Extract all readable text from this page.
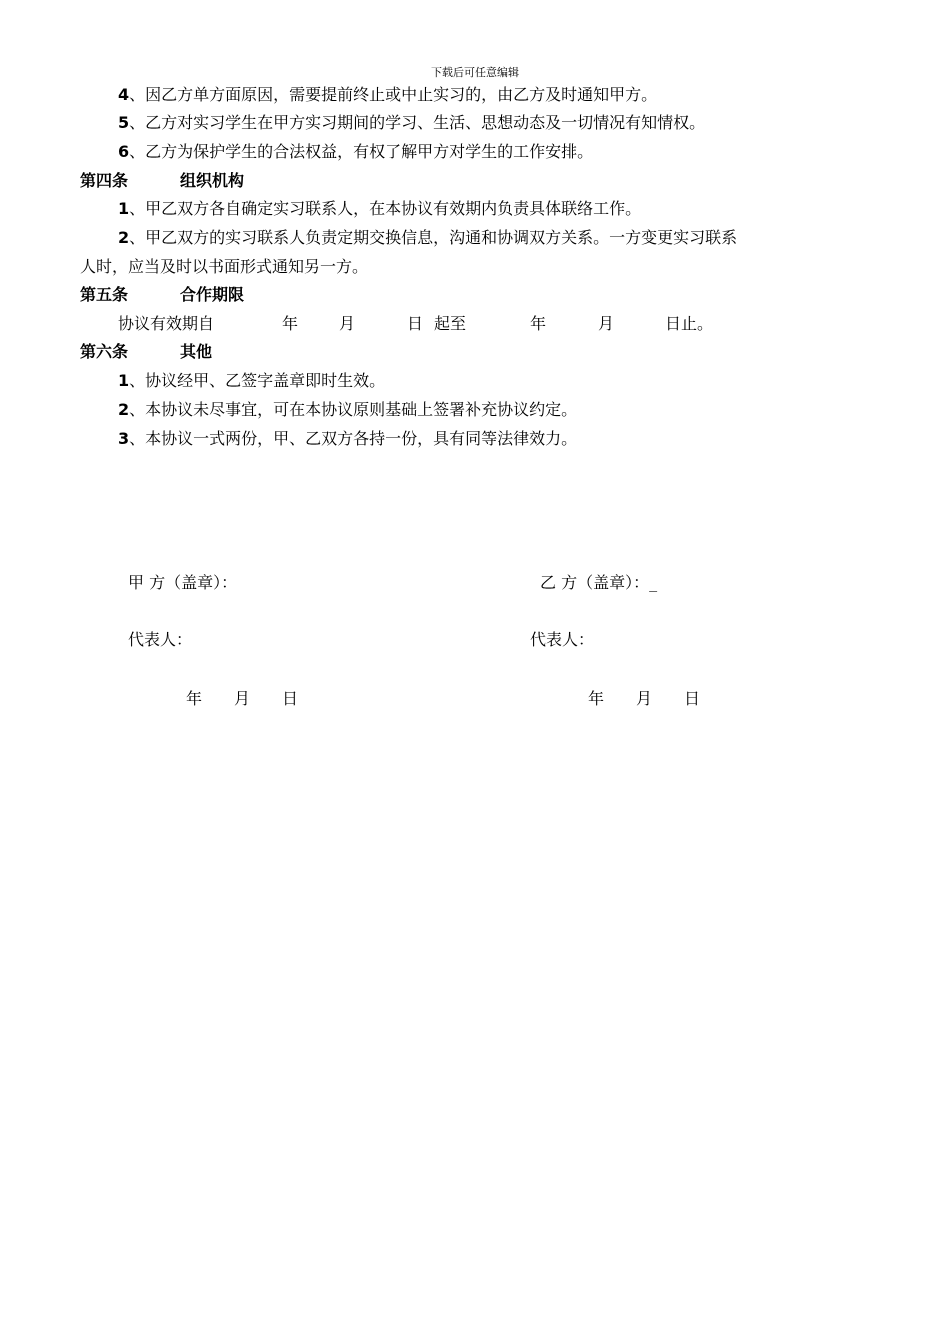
下载后可任意编辑
4、因乙方单方面原因，需要提前终止或中止实习的，由乙方及时通知甲方。
5、乙方对实习学生在甲方实习期间的学习、生活、思想动态及一切情况有知情权。
6、乙方为保护学生的合法权益，有权了解甲方对学生的工作安排。
第四条	组织机构
1、甲乙双方各自确定实习联系人，在本协议有效期内负责具体联络工作。
2、甲乙双方的实习联系人负责定期交换信息，沟通和协调双方关系。一方变更实习联系
人时，应当及时以书面形式通知另一方。
第五条	合作期限
协议有效期自	年	月	日 起至	年	月	日止。
第六条	其他
1、协议经甲、乙签字盖章即时生效。
2、本协议未尽事宜，可在本协议原则基础上签署补充协议约定。
3、本协议一式两份，甲、乙双方各持一份，具有同等法律效力。
甲 方（盖章）：	乙 方（盖章）：_
代表人：	代表人：
年 月 日	年 月 日
